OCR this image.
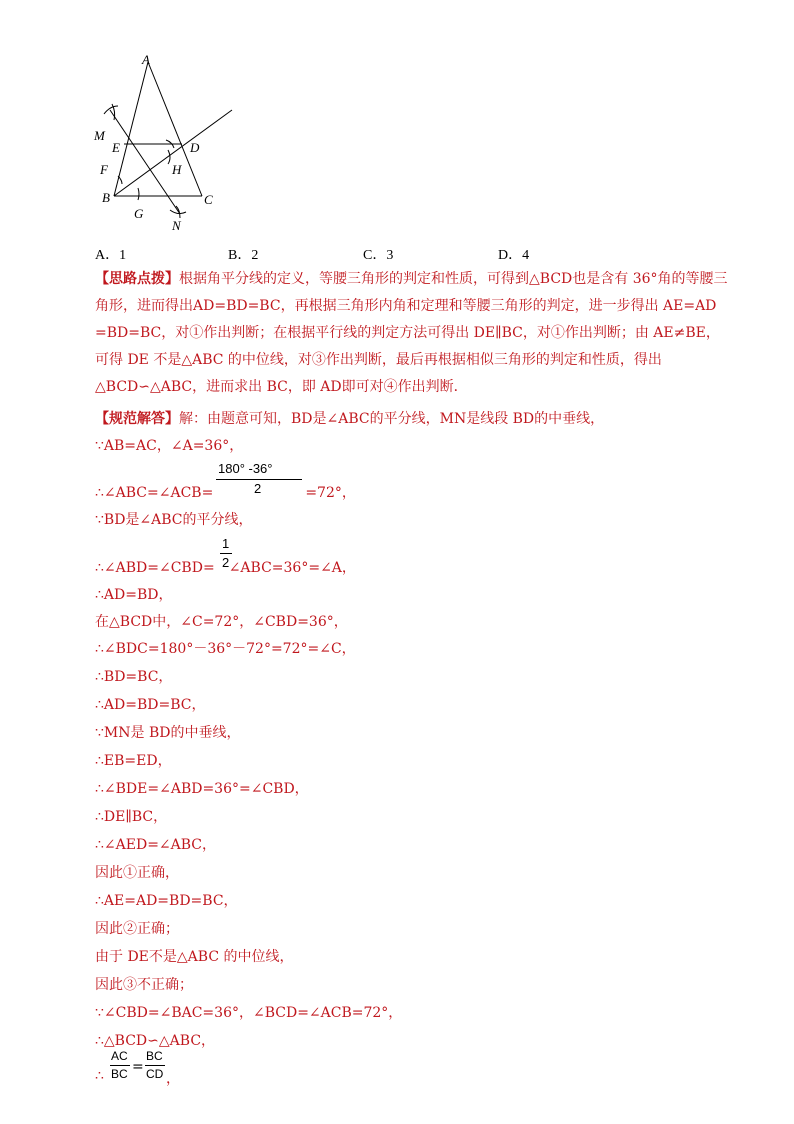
A
M
E	D
F	H
B
G
C
N
A．1	B．2	C．3	D．4
【思路点拨】根据角平分线的定义，等腰三角形的判定和性质，可得到△BCD也是含有 36°角的等腰三
角形，进而得出AD=BD=BC，再根据三角形内角和定理和等腰三角形的判定，进一步得出 AE=AD
=BD=BC，对①作出判断；在根据平行线的判定方法可得出 DE∥BC，对①作出判断；由 AE≠BE，
可得 DE 不是△ABC 的中位线，对③作出判断，最后再根据相似三角形的判定和性质，得出
△BCD∽△ABC，进而求出 BC，即 AD即可对④作出判断．
【规范解答】解：由题意可知，BD是∠ABC的平分线，MN是线段 BD的中垂线，
∵AB=AC，∠A=36°，
180° -36°
2
∴∠ABC=∠ACB=	=72°，
∵BD是∠ABC的平分线，
1
2
∴∠ABD=∠CBD= ∠ABC=36°=∠A，
∴AD=BD，
在△BCD中，∠C=72°，∠CBD=36°，
∴∠BDC=180°－36°－72°=72°=∠C，
∴BD=BC，
∴AD=BD=BC，
∵MN是 BD的中垂线，
∴EB=ED，
∴∠BDE=∠ABD=36°=∠CBD，
∴DE∥BC，
∴∠AED=∠ABC，
因此①正确，
∴AE=AD=BD=BC，
因此②正确；
由于 DE不是△ABC 的中位线，
因此③不正确；
∵∠CBD=∠BAC=36°，∠BCD=∠ACB=72°，
∴△BCD∽△ABC，
AC
BC
BC
CD
∴
=
，
